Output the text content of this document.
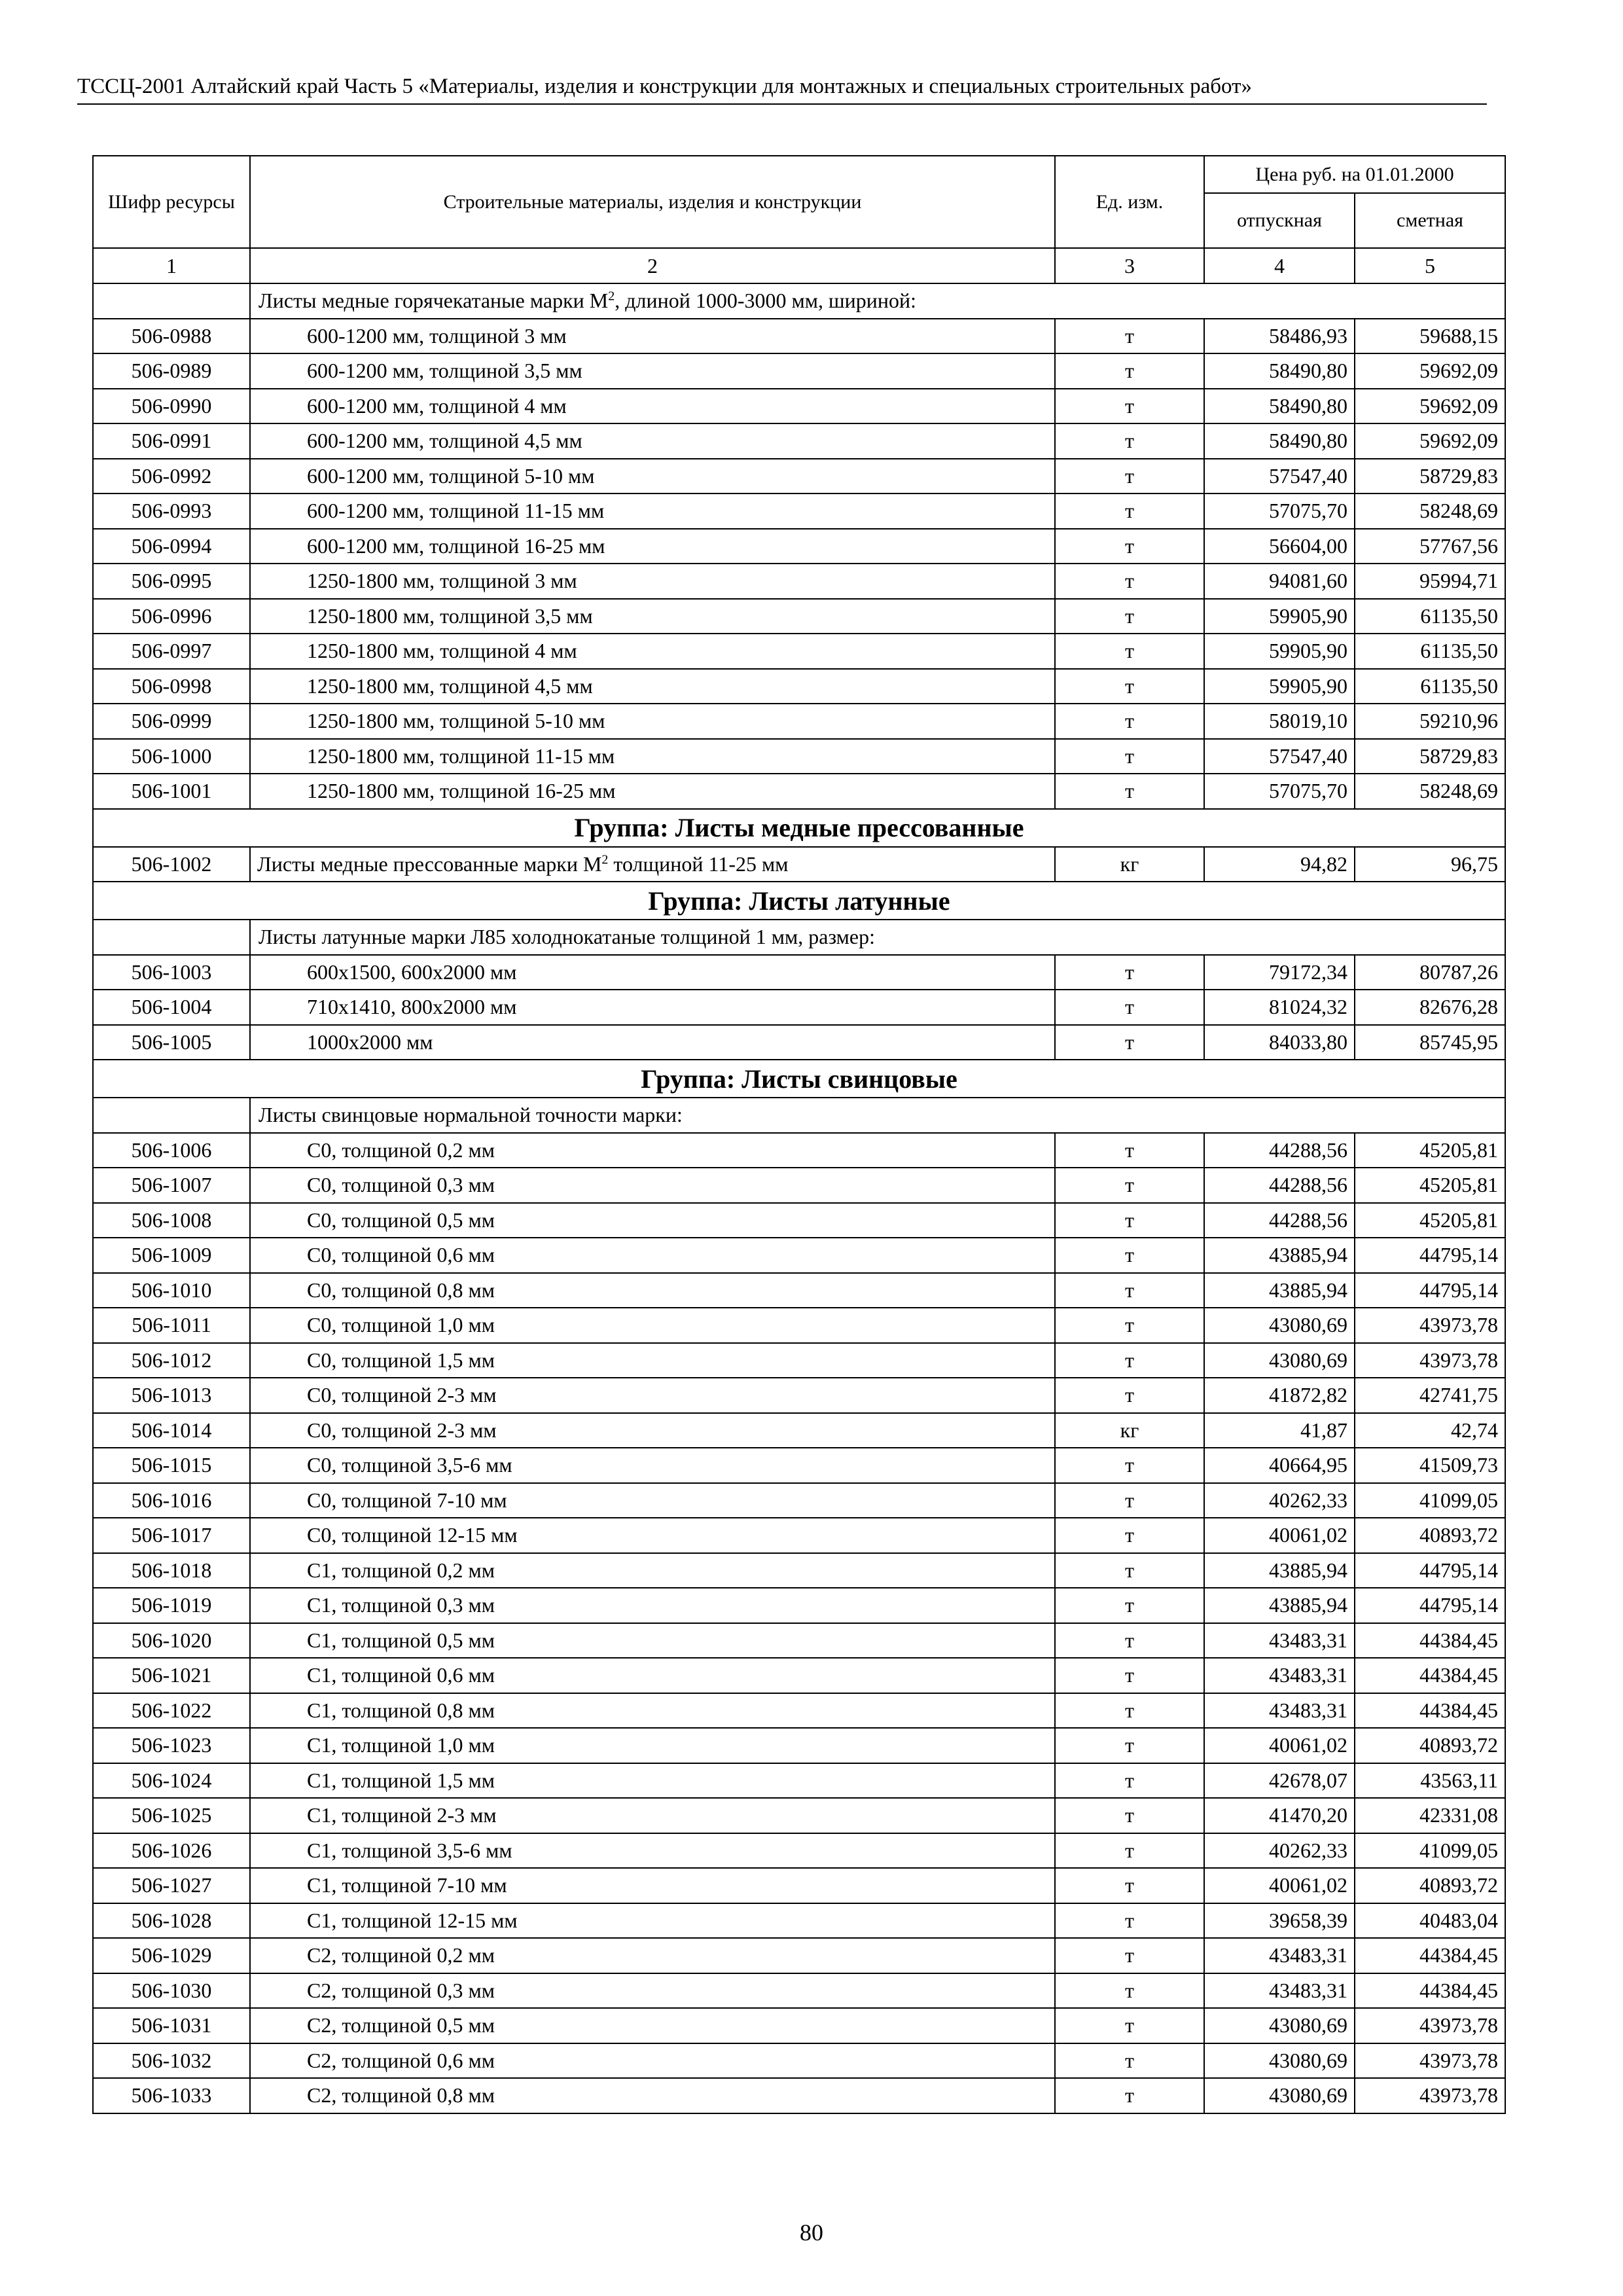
ТССЦ-2001 Алтайский край Часть 5 «Материалы, изделия и конструкции для монтажных и специальных строительных работ»
Шифр ресурсы	Строительные материалы, изделия и конструкции	Ед. изм.	Цена руб. на 01.01.2000	
			отпускная	сметная
1	2	3	4	5
	Листы медные горячекатаные марки $М^2$, длиной 1000-3000 мм, шириной:			
506-0988	600-1200 мм, толщиной 3 мм	т	58486,93	59688,15
506-0989	600-1200 мм, толщиной 3,5 мм	т	58490,80	59692,09
506-0990	600-1200 мм, толщиной 4 мм	т	58490,80	59692,09
506-0991	600-1200 мм, толщиной 4,5 мм	т	58490,80	59692,09
506-0992	600-1200 мм, толщиной 5-10 мм	т	57547,40	58729,83
506-0993	600-1200 мм, толщиной 11-15 мм	т	57075,70	58248,69
506-0994	600-1200 мм, толщиной 16-25 мм	т	56604,00	57767,56
506-0995	1250-1800 мм, толщиной 3 мм	т	94081,60	95994,71
506-0996	1250-1800 мм, толщиной 3,5 мм	т	59905,90	61135,50
506-0997	1250-1800 мм, толщиной 4 мм	т	59905,90	61135,50
506-0998	1250-1800 мм, толщиной 4,5 мм	т	59905,90	61135,50
506-0999	1250-1800 мм, толщиной 5-10 мм	т	58019,10	59210,96
506-1000	1250-1800 мм, толщиной 11-15 мм	т	57547,40	58729,83
506-1001	1250-1800 мм, толщиной 16-25 мм	т	57075,70	58248,69
Группа: Листы медные прессованные				
506-1002	Листы медные прессованные марки $М^2$ толщиной 11-25 мм	кг	94,82	96,75
Группа: Листы латунные				
	Листы латунные марки Л85 холоднокатаные толщиной 1 мм, размер:			
506-1003	600х1500, 600х2000 мм	т	79172,34	80787,26
506-1004	710х1410, 800х2000 мм	т	81024,32	82676,28
506-1005	1000х2000 мм	т	84033,80	85745,95
Группа: Листы свинцовые				
	Листы свинцовые нормальной точности марки:			
506-1006	С0, толщиной 0,2 мм	т	44288,56	45205,81
506-1007	С0, толщиной 0,3 мм	т	44288,56	45205,81
506-1008	С0, толщиной 0,5 мм	т	44288,56	45205,81
506-1009	С0, толщиной 0,6 мм	т	43885,94	44795,14
506-1010	С0, толщиной 0,8 мм	т	43885,94	44795,14
506-1011	С0, толщиной 1,0 мм	т	43080,69	43973,78
506-1012	С0, толщиной 1,5 мм	т	43080,69	43973,78
506-1013	С0, толщиной 2-3 мм	т	41872,82	42741,75
506-1014	С0, толщиной 2-3 мм	кг	41,87	42,74
506-1015	С0, толщиной 3,5-6 мм	т	40664,95	41509,73
506-1016	С0, толщиной 7-10 мм	т	40262,33	41099,05
506-1017	С0, толщиной 12-15 мм	т	40061,02	40893,72
506-1018	С1, толщиной 0,2 мм	т	43885,94	44795,14
506-1019	С1, толщиной 0,3 мм	т	43885,94	44795,14
506-1020	С1, толщиной 0,5 мм	т	43483,31	44384,45
506-1021	С1, толщиной 0,6 мм	т	43483,31	44384,45
506-1022	С1, толщиной 0,8 мм	т	43483,31	44384,45
506-1023	С1, толщиной 1,0 мм	т	40061,02	40893,72
506-1024	С1, толщиной 1,5 мм	т	42678,07	43563,11
506-1025	С1, толщиной 2-3 мм	т	41470,20	42331,08
506-1026	С1, толщиной 3,5-6 мм	т	40262,33	41099,05
506-1027	С1, толщиной 7-10 мм	т	40061,02	40893,72
506-1028	С1, толщиной 12-15 мм	т	39658,39	40483,04
506-1029	С2, толщиной 0,2 мм	т	43483,31	44384,45
506-1030	С2, толщиной 0,3 мм	т	43483,31	44384,45
506-1031	С2, толщиной 0,5 мм	т	43080,69	43973,78
506-1032	С2, толщиной 0,6 мм	т	43080,69	43973,78
506-1033	С2, толщиной 0,8 мм	т	43080,69	43973,78
80
